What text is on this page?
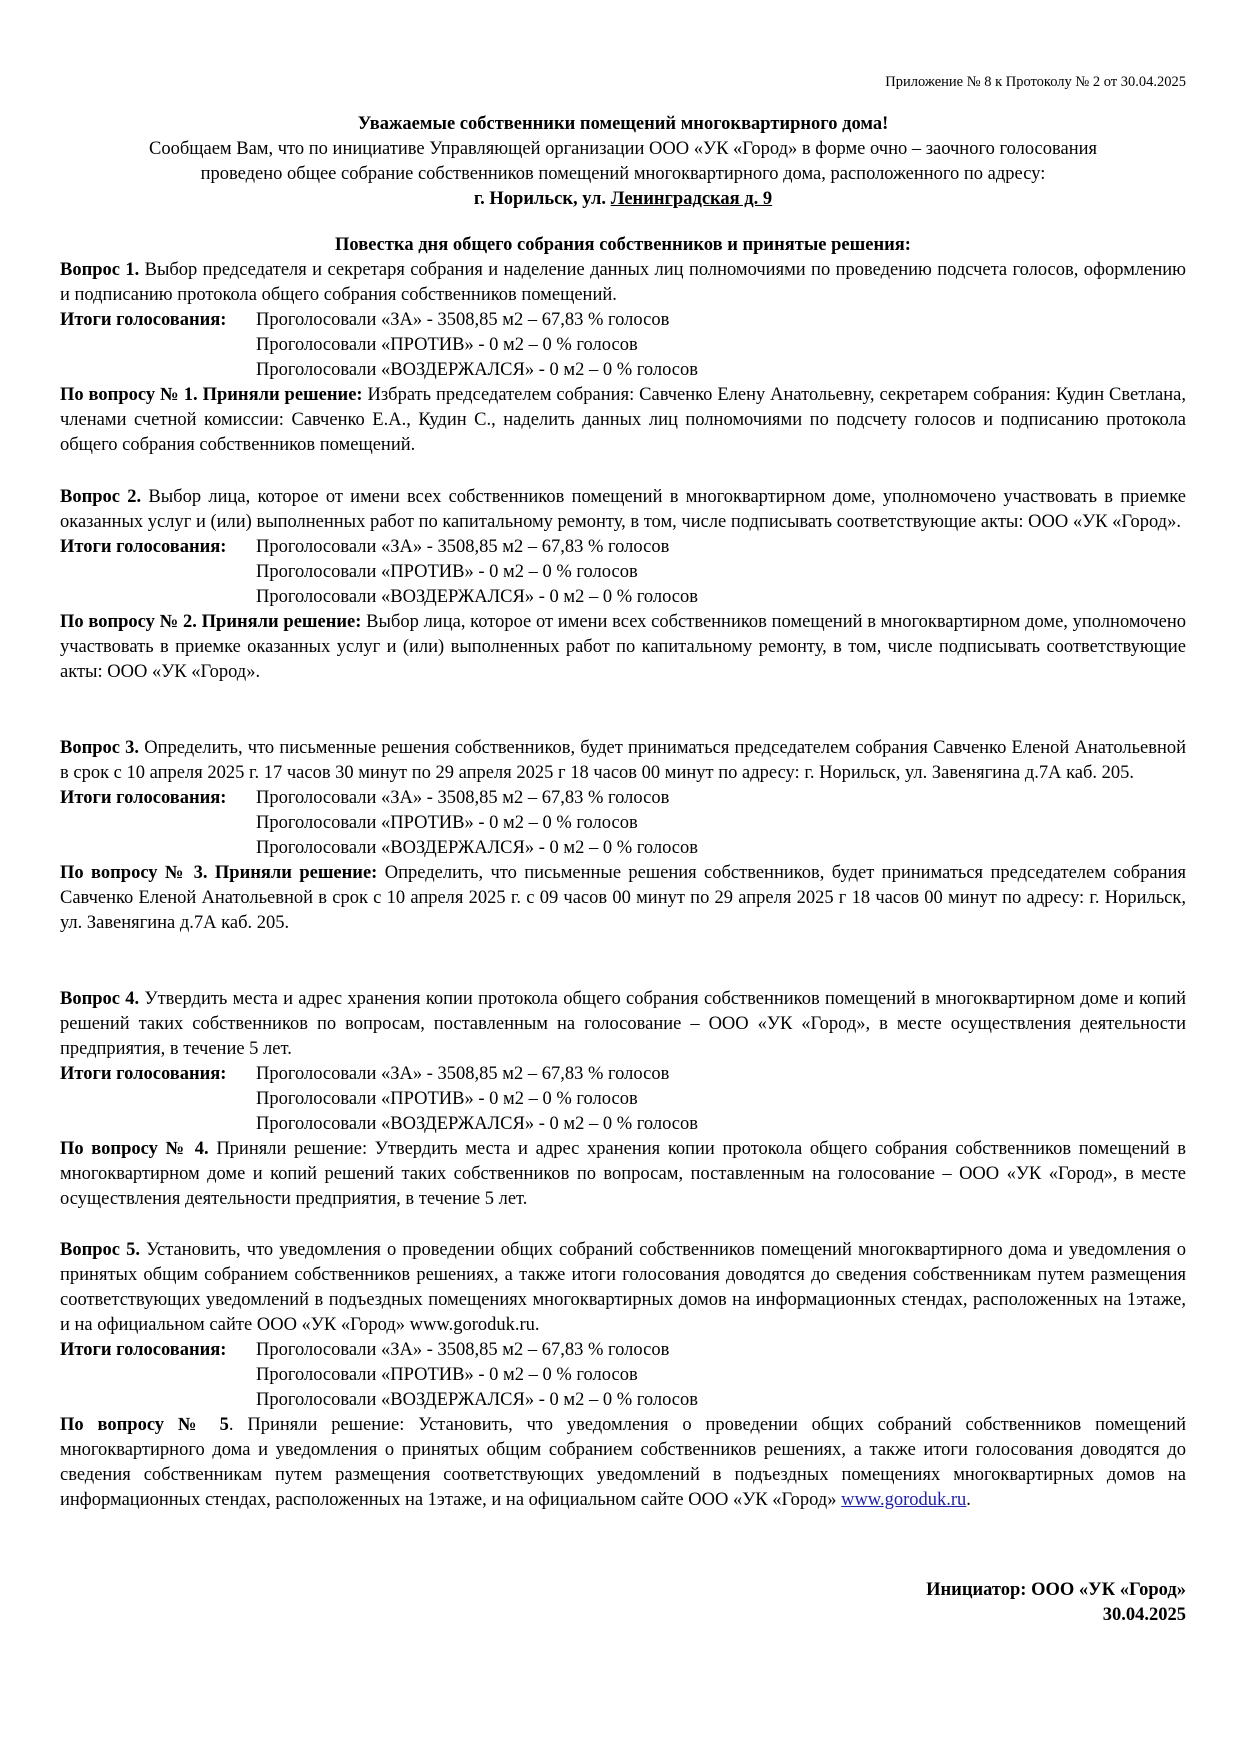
Приложение № 8 к Протоколу № 2 от 30.04.2025
Уважаемые собственники помещений многоквартирного дома!
Сообщаем Вам, что по инициативе Управляющей организации ООО «УК «Город» в форме очно – заочного голосования
проведено общее собрание собственников помещений многоквартирного дома, расположенного по адресу:
г. Норильск, ул. Ленинградская д. 9
Повестка дня общего собрания собственников и принятые решения:

Вопрос 1. Выбор председателя и секретаря собрания и наделение данных лиц полномочиями по проведению подсчета голосов, оформлению и подписанию протокола общего собрания собственников помещений.

Итоги голосования: Проголосовали «ЗА» - 3508,85 м2 – 67,83 % голосов

Проголосовали «ПРОТИВ» - 0 м2 – 0 % голосов

Проголосовали «ВОЗДЕРЖАЛСЯ» - 0 м2 – 0 % голосов

По вопросу № 1. Приняли решение: Избрать председателем собрания: Савченко Елену Анатольевну, секретарем собрания: Кудин Светлана, членами счетной комиссии: Савченко Е.А., Кудин С., наделить данных лиц полномочиями по подсчету голосов и подписанию протокола общего собрания собственников помещений.

Вопрос 2. Выбор лица, которое от имени всех собственников помещений в многоквартирном доме, уполномочено участвовать в приемке оказанных услуг и (или) выполненных работ по капитальному ремонту, в том, числе подписывать соответствующие акты: ООО «УК «Город».

Итоги голосования: Проголосовали «ЗА» - 3508,85 м2 – 67,83 % голосов

Проголосовали «ПРОТИВ» - 0 м2 – 0 % голосов

Проголосовали «ВОЗДЕРЖАЛСЯ» - 0 м2 – 0 % голосов

По вопросу № 2. Приняли решение: Выбор лица, которое от имени всех собственников помещений в многоквартирном доме, уполномочено участвовать в приемке оказанных услуг и (или) выполненных работ по капитальному ремонту, в том, числе подписывать соответствующие акты: ООО «УК «Город».

Вопрос 3. Определить, что письменные решения собственников, будет приниматься председателем собрания Савченко Еленой Анатольевной в срок с 10 апреля 2025 г. 17 часов 30 минут по 29 апреля 2025 г 18 часов 00 минут по адресу: г. Норильск, ул. Завенягина д.7А каб. 205.

Итоги голосования: Проголосовали «ЗА» - 3508,85 м2 – 67,83 % голосов

Проголосовали «ПРОТИВ» - 0 м2 – 0 % голосов

Проголосовали «ВОЗДЕРЖАЛСЯ» - 0 м2 – 0 % голосов

По вопросу № 3. Приняли решение: Определить, что письменные решения собственников, будет приниматься председателем собрания Савченко Еленой Анатольевной в срок с 10 апреля 2025 г. с 09 часов 00 минут по 29 апреля 2025 г 18 часов 00 минут по адресу: г. Норильск, ул. Завенягина д.7А каб. 205.

Вопрос 4. Утвердить места и адрес хранения копии протокола общего собрания собственников помещений в многоквартирном доме и копий решений таких собственников по вопросам, поставленным на голосование – ООО «УК «Город», в месте осуществления деятельности предприятия, в течение 5 лет.

Итоги голосования: Проголосовали «ЗА» - 3508,85 м2 – 67,83 % голосов

Проголосовали «ПРОТИВ» - 0 м2 – 0 % голосов

Проголосовали «ВОЗДЕРЖАЛСЯ» - 0 м2 – 0 % голосов

По вопросу № 4. Приняли решение: Утвердить места и адрес хранения копии протокола общего собрания собственников помещений в многоквартирном доме и копий решений таких собственников по вопросам, поставленным на голосование – ООО «УК «Город», в месте осуществления деятельности предприятия, в течение 5 лет.

Вопрос 5. Установить, что уведомления о проведении общих собраний собственников помещений многоквартирного дома и уведомления о принятых общим собранием собственников решениях, а также итоги голосования доводятся до сведения собственникам путем размещения соответствующих уведомлений в подъездных помещениях многоквартирных домов на информационных стендах, расположенных на 1этаже, и на официальном сайте ООО «УК «Город» www.goroduk.ru.

Итоги голосования: Проголосовали «ЗА» - 3508,85 м2 – 67,83 % голосов

Проголосовали «ПРОТИВ» - 0 м2 – 0 % голосов

Проголосовали «ВОЗДЕРЖАЛСЯ» - 0 м2 – 0 % голосов

По вопросу № 5. Приняли решение: Установить, что уведомления о проведении общих собраний собственников помещений многоквартирного дома и уведомления о принятых общим собранием собственников решениях, а также итоги голосования доводятся до сведения собственникам путем размещения соответствующих уведомлений в подъездных помещениях многоквартирных домов на информационных стендах, расположенных на 1этаже, и на официальном сайте ООО «УК «Город» www.goroduk.ru.

Инициатор: ООО «УК «Город»
30.04.2025
